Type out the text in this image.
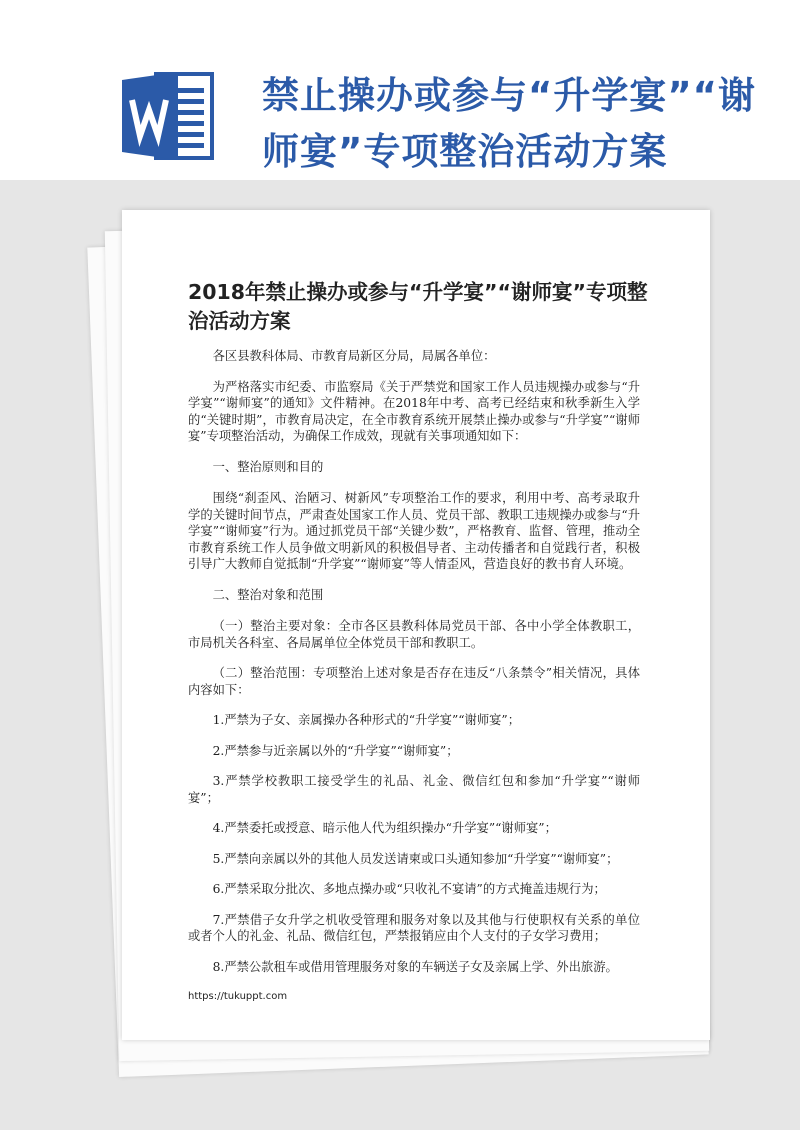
禁止操办或参与“升学宴”“谢师宴”专项整治活动方案
2018年禁止操办或参与“升学宴”“谢师宴”专项整治活动方案

各区县教科体局、市教育局新区分局，局属各单位：

为严格落实市纪委、市监察局《关于严禁党和国家工作人员违规操办或参与“升学宴”“谢师宴”的通知》文件精神。在2018年中考、高考已经结束和秋季新生入学的“关键时期”，市教育局决定，在全市教育系统开展禁止操办或参与“升学宴”“谢师宴”专项整治活动，为确保工作成效，现就有关事项通知如下：

一、整治原则和目的

围绕“刹歪风、治陋习、树新风”专项整治工作的要求，利用中考、高考录取升学的关键时间节点，严肃查处国家工作人员、党员干部、教职工违规操办或参与“升学宴”“谢师宴”行为。通过抓党员干部“关键少数”，严格教育、监督、管理，推动全市教育系统工作人员争做文明新风的积极倡导者、主动传播者和自觉践行者，积极引导广大教师自觉抵制“升学宴”“谢师宴”等人情歪风，营造良好的教书育人环境。

二、整治对象和范围

（一）整治主要对象：全市各区县教科体局党员干部、各中小学全体教职工，市局机关各科室、各局属单位全体党员干部和教职工。

（二）整治范围：专项整治上述对象是否存在违反“八条禁令”相关情况，具体内容如下：

1.严禁为子女、亲属操办各种形式的“升学宴”“谢师宴”；

2.严禁参与近亲属以外的“升学宴”“谢师宴”；

3.严禁学校教职工接受学生的礼品、礼金、微信红包和参加“升学宴”“谢师宴”；

4.严禁委托或授意、暗示他人代为组织操办“升学宴”“谢师宴”；

5.严禁向亲属以外的其他人员发送请柬或口头通知参加“升学宴”“谢师宴”；

6.严禁采取分批次、多地点操办或“只收礼不宴请”的方式掩盖违规行为；

7.严禁借子女升学之机收受管理和服务对象以及其他与行使职权有关系的单位或者个人的礼金、礼品、微信红包，严禁报销应由个人支付的子女学习费用；

8.严禁公款租车或借用管理服务对象的车辆送子女及亲属上学、外出旅游。

https://tukuppt.com
